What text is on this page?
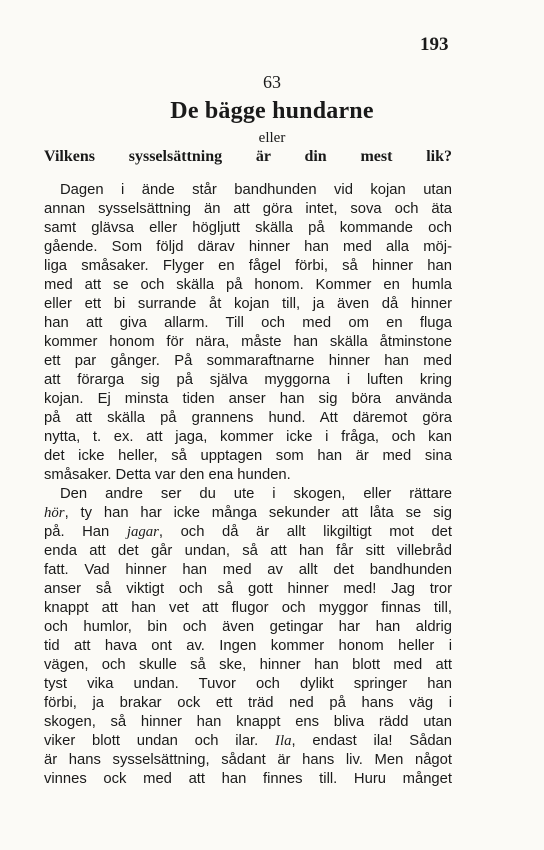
193
63
De bägge hundarne
eller
Vilkens sysselsättning är din mest lik?
Dagen i ände står bandhunden vid kojan utan
annan sysselsättning än att göra intet, sova och äta
samt glävsa eller högljutt skälla på kommande och
gående. Som följd därav hinner han med alla möj-
liga småsaker. Flyger en fågel förbi, så hinner han
med att se och skälla på honom. Kommer en humla
eller ett bi surrande åt kojan till, ja även då hinner
han att giva allarm. Till och med om en fluga
kommer honom för nära, måste han skälla åtminstone
ett par gånger. På sommaraftnarne hinner han med
att förarga sig på själva myggorna i luften kring
kojan. Ej minsta tiden anser han sig böra använda
på att skälla på grannens hund. Att däremot göra
nytta, t. ex. att jaga, kommer icke i fråga, och kan
det icke heller, så upptagen som han är med sina
småsaker. Detta var den ena hunden.
Den andre ser du ute i skogen, eller rättare
hör, ty han har icke många sekunder att låta se sig
på. Han jagar, och då är allt likgiltigt mot det
enda att det går undan, så att han får sitt villebråd
fatt. Vad hinner han med av allt det bandhunden
anser så viktigt och så gott hinner med! Jag tror
knappt att han vet att flugor och myggor finnas till,
och humlor, bin och även getingar har han aldrig
tid att hava ont av. Ingen kommer honom heller i
vägen, och skulle så ske, hinner han blott med att
tyst vika undan. Tuvor och dylikt springer han
förbi, ja brakar ock ett träd ned på hans väg i
skogen, så hinner han knappt ens bliva rädd utan
viker blott undan och ilar. Ila, endast ila! Sådan
är hans sysselsättning, sådant är hans liv. Men något
vinnes ock med att han finnes till. Huru månget
